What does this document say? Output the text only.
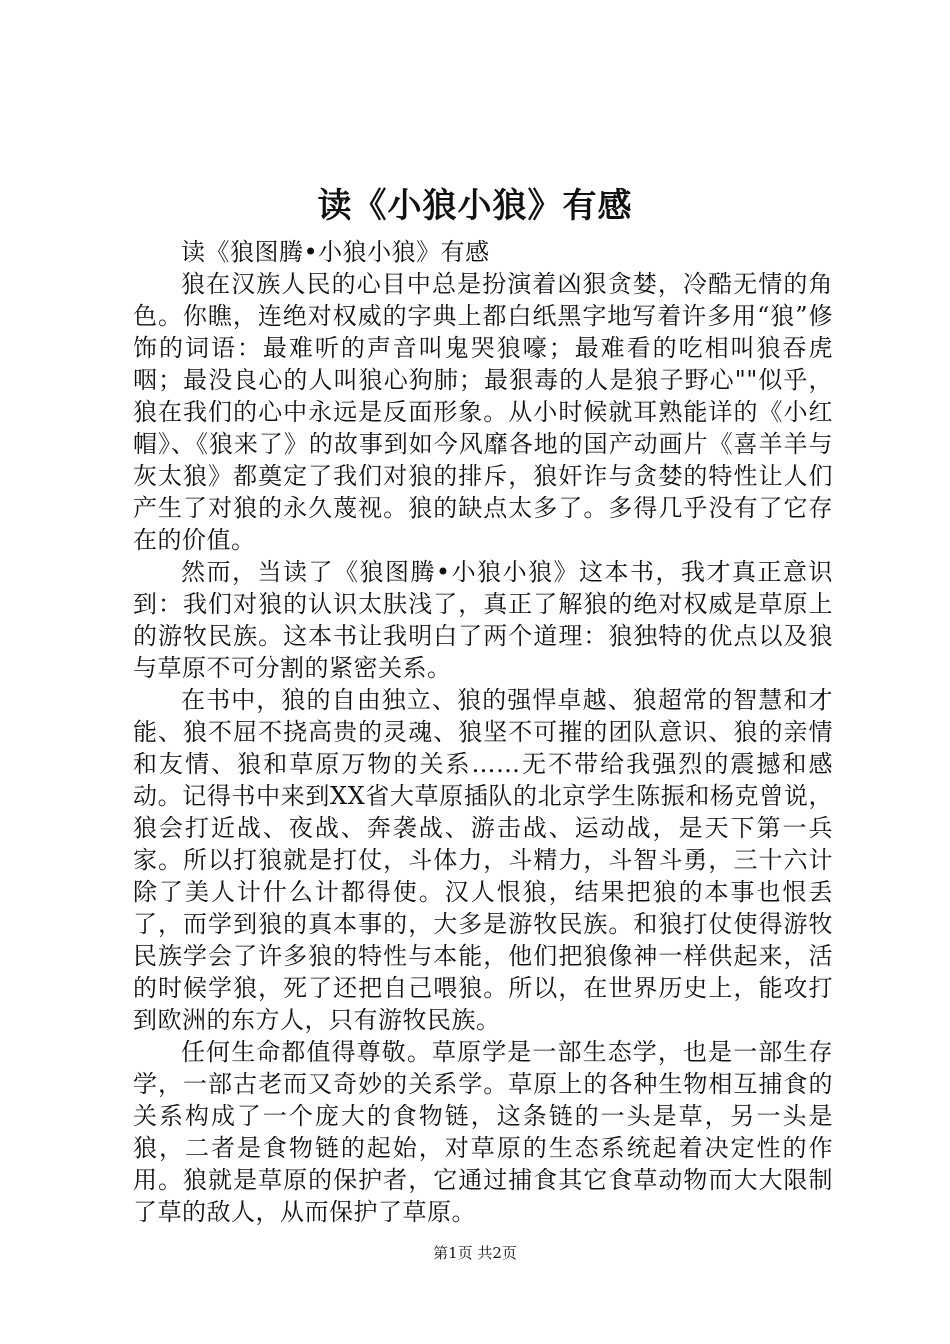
读《小狼小狼》有感

读《狼图腾•小狼小狼》有感

狼在汉族人民的心目中总是扮演着凶狠贪婪，冷酷无情的角色。你瞧，连绝对权威的字典上都白纸黑字地写着许多用“狼”修饰的词语：最难听的声音叫鬼哭狼嚎；最难看的吃相叫狼吞虎咽；最没良心的人叫狼心狗肺；最狠毒的人是狼子野心""似乎，狼在我们的心中永远是反面形象。从小时候就耳熟能详的《小红帽》、《狼来了》的故事到如今风靡各地的国产动画片《喜羊羊与灰太狼》都奠定了我们对狼的排斥，狼奸诈与贪婪的特性让人们产生了对狼的永久蔑视。狼的缺点太多了。多得几乎没有了它存在的价值。

然而，当读了《狼图腾•小狼小狼》这本书，我才真正意识到：我们对狼的认识太肤浅了，真正了解狼的绝对权威是草原上的游牧民族。这本书让我明白了两个道理：狼独特的优点以及狼与草原不可分割的紧密关系。

在书中，狼的自由独立、狼的强悍卓越、狼超常的智慧和才能、狼不屈不挠高贵的灵魂、狼坚不可摧的团队意识、狼的亲情和友情、狼和草原万物的关系……无不带给我强烈的震撼和感动。记得书中来到XX省大草原插队的北京学生陈振和杨克曾说，狼会打近战、夜战、奔袭战、游击战、运动战，是天下第一兵家。所以打狼就是打仗，斗体力，斗精力，斗智斗勇，三十六计除了美人计什么计都得使。汉人恨狼，结果把狼的本事也恨丢了，而学到狼的真本事的，大多是游牧民族。和狼打仗使得游牧民族学会了许多狼的特性与本能，他们把狼像神一样供起来，活的时候学狼，死了还把自己喂狼。所以，在世界历史上，能攻打到欧洲的东方人，只有游牧民族。

任何生命都值得尊敬。草原学是一部生态学，也是一部生存学，一部古老而又奇妙的关系学。草原上的各种生物相互捕食的关系构成了一个庞大的食物链，这条链的一头是草，另一头是狼，二者是食物链的起始，对草原的生态系统起着决定性的作用。狼就是草原的保护者，它通过捕食其它食草动物而大大限制了草的敌人，从而保护了草原。

第1页 共2页
